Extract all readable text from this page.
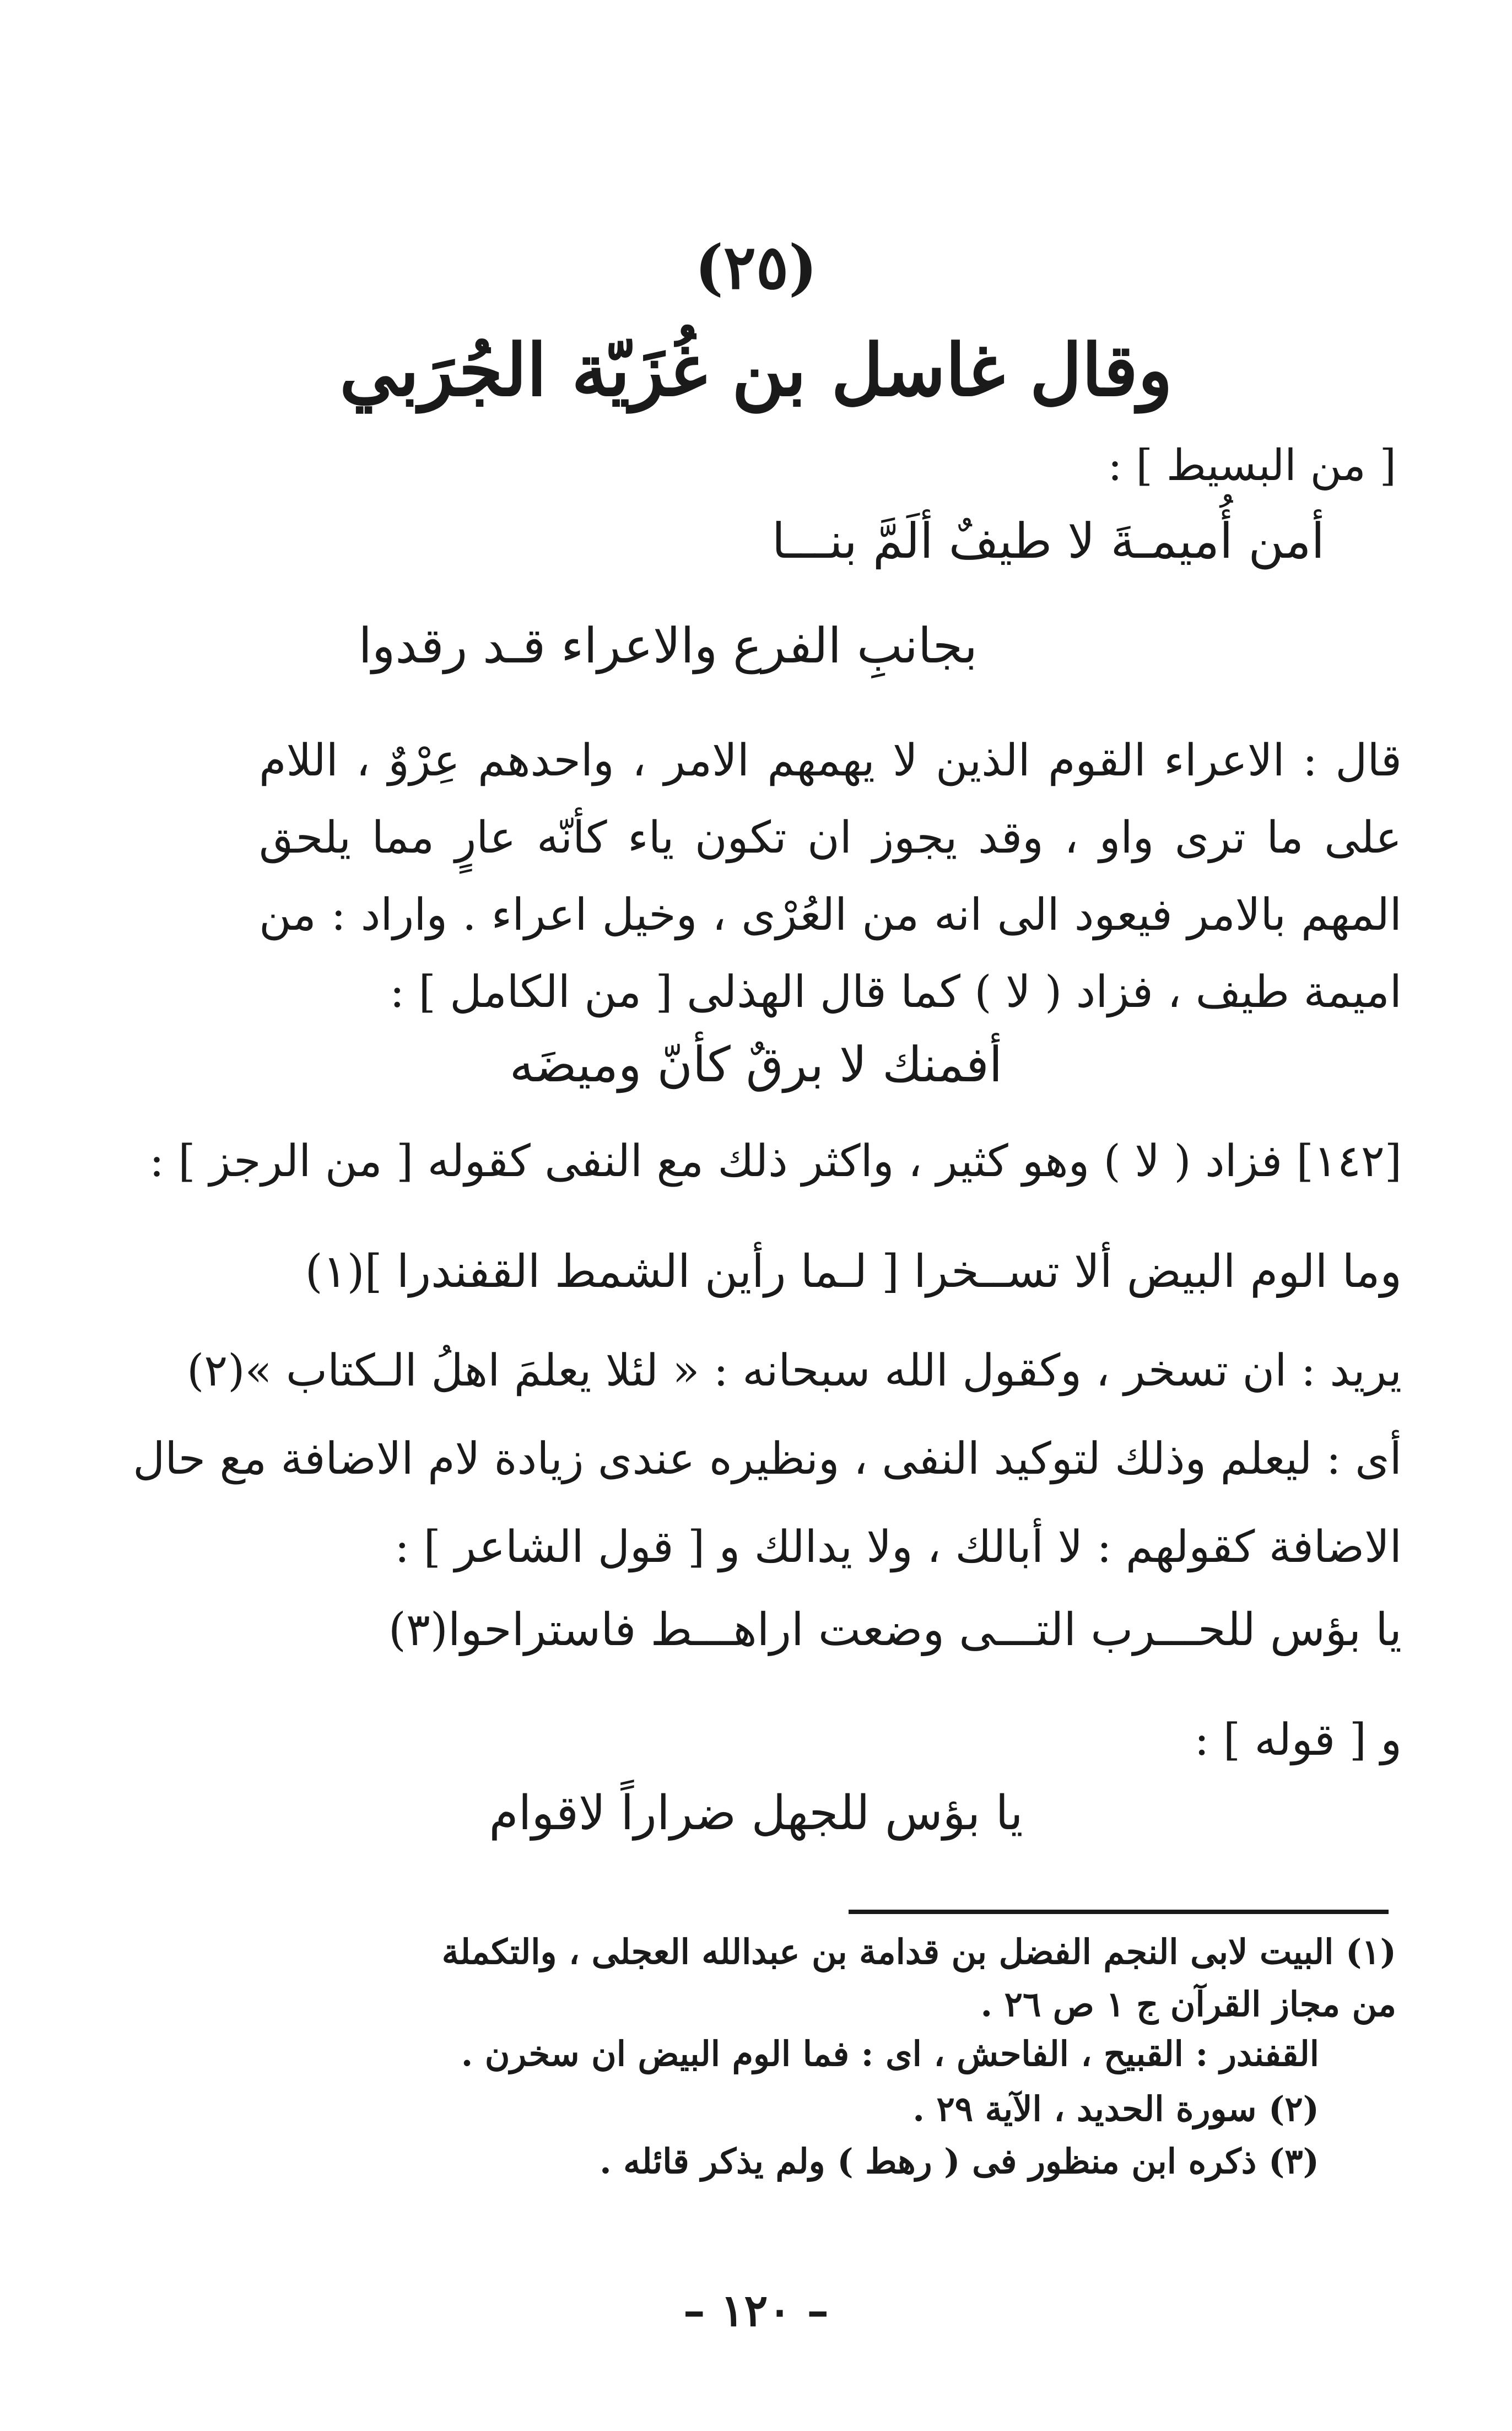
(٢٥)
وقال غاسل بن غُزَيّة الجُرَبي
[ من البسيط ] :
أمن أُميمـةَ لا طيفٌ ألَمَّ بنـــا
بجانبِ الفرع والاعراء قـد رقدوا
قال : الاعراء القوم الذين لا يهمهم الامر ، واحدهم عِرْوٌ ، اللام على ما ترى واو ، وقد يجوز ان تكون ياء كأنّه عارٍ مما يلحق المهم بالامر فيعود الى انه من العُرْى ، وخيل اعراء . واراد : من اميمة طيف ، فزاد ( لا ) كما قال الهذلى [ من الكامل ] :
أفمنك لا برقٌ كأنّ وميضَه
[١٤٢] فزاد ( لا ) وهو كثير ، واكثر ذلك مع النفى كقوله [ من الرجز ] :
وما الوم البيض ألا تســخرا [ لـما رأين الشمط القفندرا ](١)
يريد : ان تسخر ، وكقول الله سبحانه : « لئلا يعلمَ اهلُ الـكتاب »(٢)
أى : ليعلم وذلك لتوكيد النفى ، ونظيره عندى زيادة لام الاضافة مع حال
الاضافة كقولهم : لا أبالك ، ولا يدالك و [ قول الشاعر ] :
يا بؤس للحـــرب التـــى وضعت اراهـــط فاستراحوا(٣)
و [ قوله ] :
يا بؤس للجهل ضراراً لاقوام
(١) البيت لابى النجم الفضل بن قدامة بن عبدالله العجلى ، والتكملة
من مجاز القرآن ج ١ ص ٢٦ .
القفندر : القبيح ، الفاحش ، اى : فما الوم البيض ان سخرن .
(٢) سورة الحديد ، الآية ٢٩ .
(٣) ذكره ابن منظور فى ( رهط ) ولم يذكر قائله .
– ١٢٠ –
